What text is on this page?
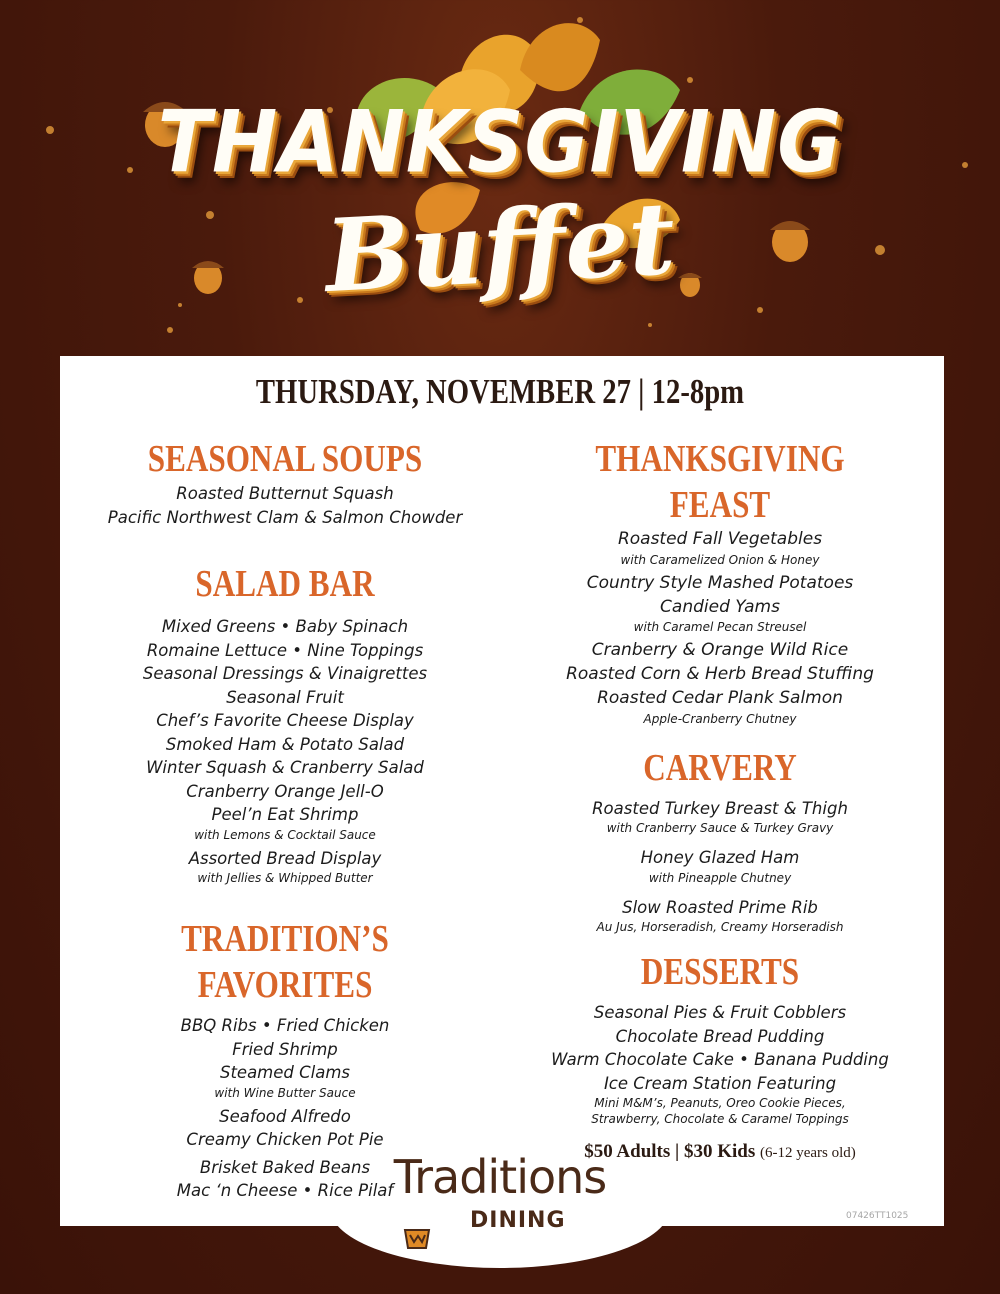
THANKSGIVING
Buffet
THURSDAY, NOVEMBER 27 | 12-8pm
SEASONAL SOUPS

Roasted Butternut Squash

Pacific Northwest Clam & Salmon Chowder

SALAD BAR

Mixed Greens • Baby Spinach

Romaine Lettuce • Nine Toppings

Seasonal Dressings & Vinaigrettes

Seasonal Fruit

Chef’s Favorite Cheese Display

Smoked Ham & Potato Salad

Winter Squash & Cranberry Salad

Cranberry Orange Jell-O

Peel’n Eat Shrimp

with Lemons & Cocktail Sauce

Assorted Bread Display

with Jellies & Whipped Butter

TRADITION’S FAVORITES

BBQ Ribs • Fried Chicken

Fried Shrimp

Steamed Clams

with Wine Butter Sauce

Seafood Alfredo

Creamy Chicken Pot Pie

Brisket Baked Beans

Mac ‘n Cheese • Rice Pilaf

THANKSGIVING FEAST

Roasted Fall Vegetables

with Caramelized Onion & Honey

Country Style Mashed Potatoes

Candied Yams

with Caramel Pecan Streusel

Cranberry & Orange Wild Rice

Roasted Corn & Herb Bread Stuffing

Roasted Cedar Plank Salmon

Apple-Cranberry Chutney

CARVERY

Roasted Turkey Breast & Thigh

with Cranberry Sauce & Turkey Gravy

Honey Glazed Ham

with Pineapple Chutney

Slow Roasted Prime Rib

Au Jus, Horseradish, Creamy Horseradish

DESSERTS

Seasonal Pies & Fruit Cobblers

Chocolate Bread Pudding

Warm Chocolate Cake • Banana Pudding

Ice Cream Station Featuring

Mini M&M’s, Peanuts, Oreo Cookie Pieces,

Strawberry, Chocolate & Caramel Toppings

$50 Adults | $30 Kids (6-12 years old)
Traditions
DINING	07426TT1025
